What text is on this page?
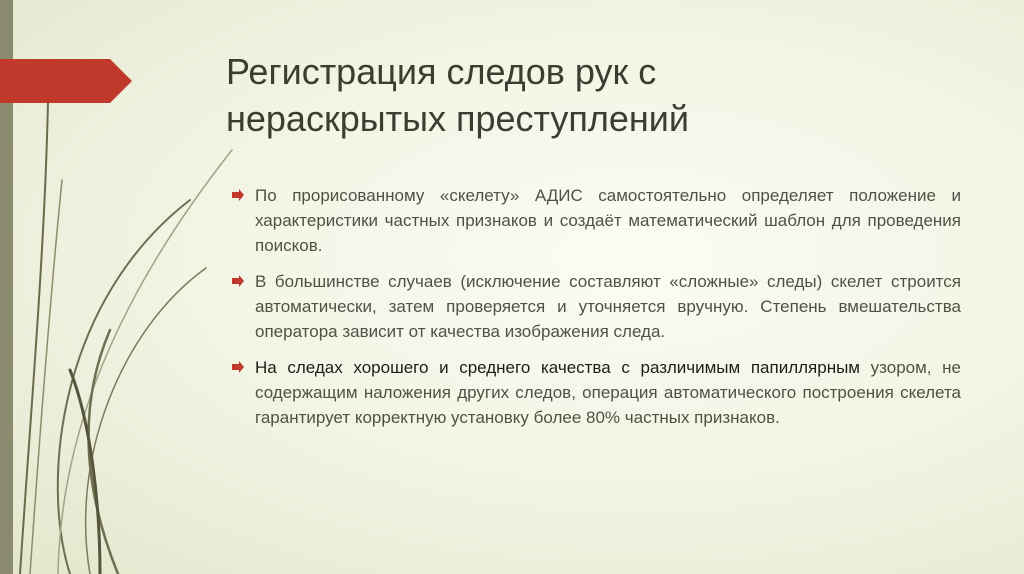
Регистрация следов рук с
нераскрытых преступлений
По прорисованному «скелету» АДИС самостоятельно определяет положение и характеристики частных признаков и создаёт математический шаблон для проведения поисков.
В большинстве случаев (исключение составляют «сложные» следы) скелет строится автоматически, затем проверяется и уточняется вручную. Степень вмешательства оператора зависит от качества изображения следа.
На следах хорошего и среднего качества с различимым папиллярным узором, не содержащим наложения других следов, операция автоматического построения скелета гарантирует корректную установку более 80% частных признаков.
